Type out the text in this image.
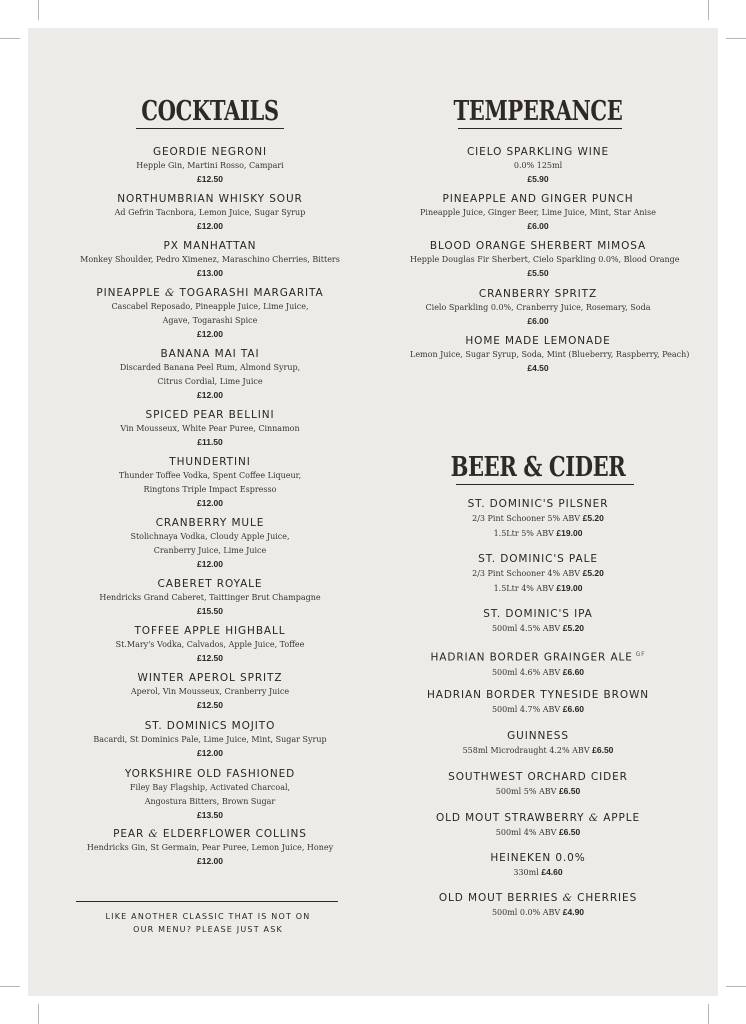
COCKTAILS
GEORDIE NEGRONI
Hepple Gin, Martini Rosso, Campari
£12.50
NORTHUMBRIAN WHISKY SOUR
Ad Gefrin Tacnbora, Lemon Juice, Sugar Syrup
£12.00
PX MANHATTAN
Monkey Shoulder, Pedro Ximenez, Maraschino Cherries, Bitters
£13.00
PINEAPPLE & TOGARASHI MARGARITA
Cascabel Reposado, Pineapple Juice, Lime Juice,
Agave, Togarashi Spice
£12.00
BANANA MAI TAI
Discarded Banana Peel Rum, Almond Syrup,
Citrus Cordial, Lime Juice
£12.00
SPICED PEAR BELLINI
Vin Mousseux, White Pear Puree, Cinnamon
£11.50
THUNDERTINI
Thunder Toffee Vodka, Spent Coffee Liqueur,
Ringtons Triple Impact Espresso
£12.00
CRANBERRY MULE
Stolichnaya Vodka, Cloudy Apple Juice,
Cranberry Juice, Lime Juice
£12.00
CABERET ROYALE
Hendricks Grand Caberet, Taittinger Brut Champagne
£15.50
TOFFEE APPLE HIGHBALL
St.Mary's Vodka, Calvados, Apple Juice, Toffee
£12.50
WINTER APEROL SPRITZ
Aperol, Vin Mousseux, Cranberry Juice
£12.50
ST. DOMINICS MOJITO
Bacardi, St Dominics Pale, Lime Juice, Mint, Sugar Syrup
£12.00
YORKSHIRE OLD FASHIONED
Filey Bay Flagship, Activated Charcoal,
Angostura Bitters, Brown Sugar
£13.50
PEAR & ELDERFLOWER COLLINS
Hendricks Gin, St Germain, Pear Puree, Lemon Juice, Honey
£12.00
LIKE ANOTHER CLASSIC THAT IS NOT ON
OUR MENU? PLEASE JUST ASK
TEMPERANCE
CIELO SPARKLING WINE
0.0% 125ml
£5.90
PINEAPPLE AND GINGER PUNCH
Pineapple Juice, Ginger Beer, Lime Juice, Mint, Star Anise
£6.00
BLOOD ORANGE SHERBERT MIMOSA
Hepple Douglas Fir Sherbert, Cielo Sparkling 0.0%, Blood Orange
£5.50
CRANBERRY SPRITZ
Cielo Sparkling 0.0%, Cranberry Juice, Rosemary, Soda
£6.00
HOME MADE LEMONADE
Lemon Juice, Sugar Syrup, Soda, Mint (Blueberry, Raspberry, Peach)
£4.50
BEER & CIDER
ST. DOMINIC'S PILSNER
2/3 Pint Schooner 5% ABV £5.20
1.5Ltr 5% ABV £19.00
ST. DOMINIC'S PALE
2/3 Pint Schooner 4% ABV £5.20
1.5Ltr 4% ABV £19.00
ST. DOMINIC'S IPA
500ml 4.5% ABV £5.20
HADRIAN BORDER GRAINGER ALE $^{GF}$
500ml 4.6% ABV £6.60
HADRIAN BORDER TYNESIDE BROWN
500ml 4.7% ABV £6.60
GUINNESS
558ml Microdraught 4.2% ABV £6.50
SOUTHWEST ORCHARD CIDER
500ml 5% ABV £6.50
OLD MOUT STRAWBERRY & APPLE
500ml 4% ABV £6.50
HEINEKEN 0.0%
330ml £4.60
OLD MOUT BERRIES & CHERRIES
500ml 0.0% ABV £4.90
